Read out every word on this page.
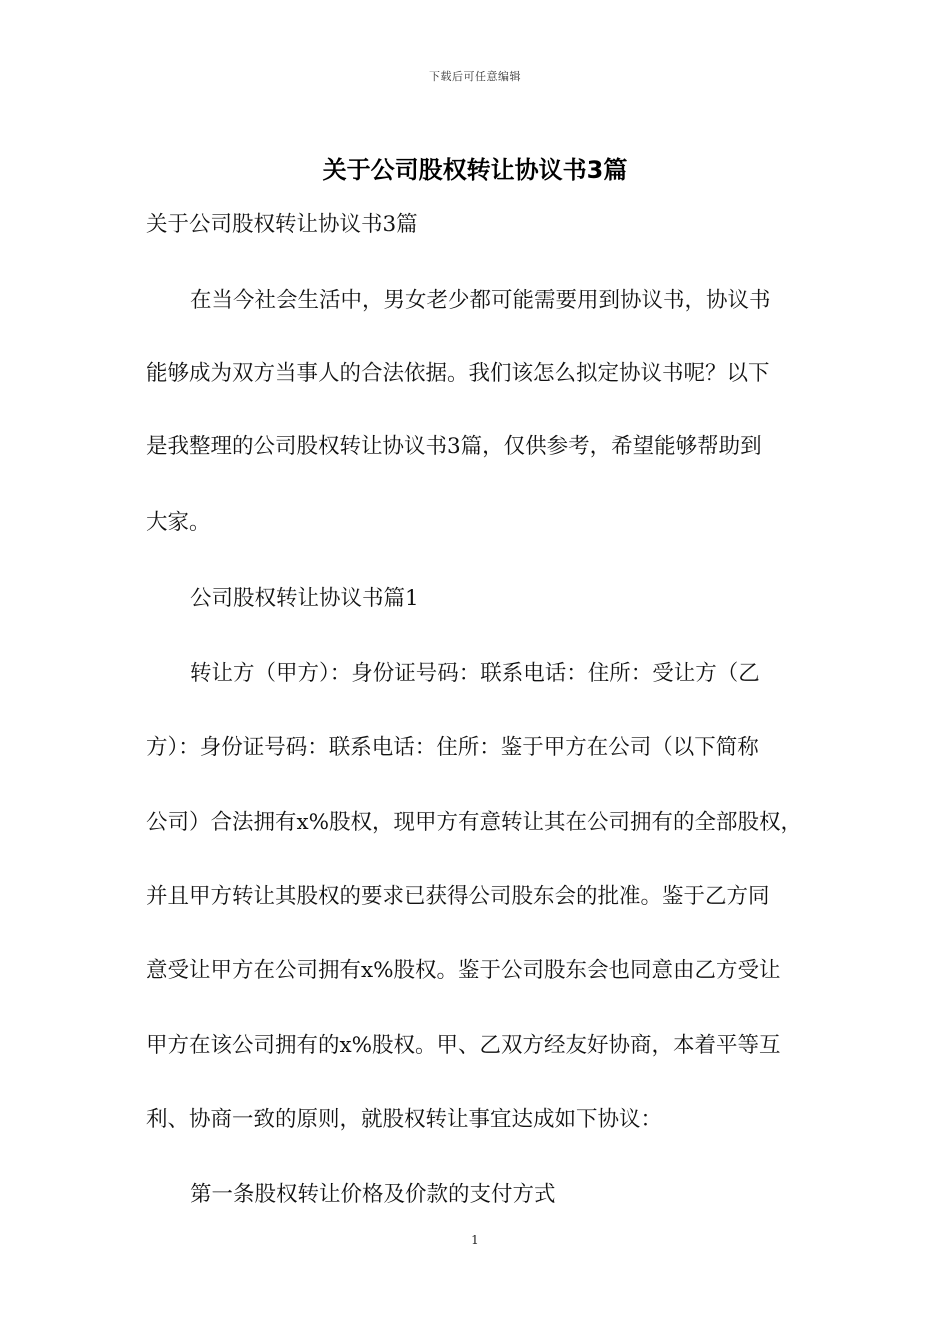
下载后可任意编辑
关于公司股权转让协议书3篇
关于公司股权转让协议书3篇
在当今社会生活中，男女老少都可能需要用到协议书，协议书
能够成为双方当事人的合法依据。我们该怎么拟定协议书呢？以下
是我整理的公司股权转让协议书3篇，仅供参考，希望能够帮助到
大家。
公司股权转让协议书篇1
转让方（甲方）：身份证号码：联系电话：住所：受让方（乙
方）：身份证号码：联系电话：住所：鉴于甲方在公司（以下简称
公司）合法拥有x%股权，现甲方有意转让其在公司拥有的全部股权，
并且甲方转让其股权的要求已获得公司股东会的批准。鉴于乙方同
意受让甲方在公司拥有x%股权。鉴于公司股东会也同意由乙方受让
甲方在该公司拥有的x%股权。甲、乙双方经友好协商，本着平等互
利、协商一致的原则，就股权转让事宜达成如下协议：
第一条股权转让价格及价款的支付方式
1
